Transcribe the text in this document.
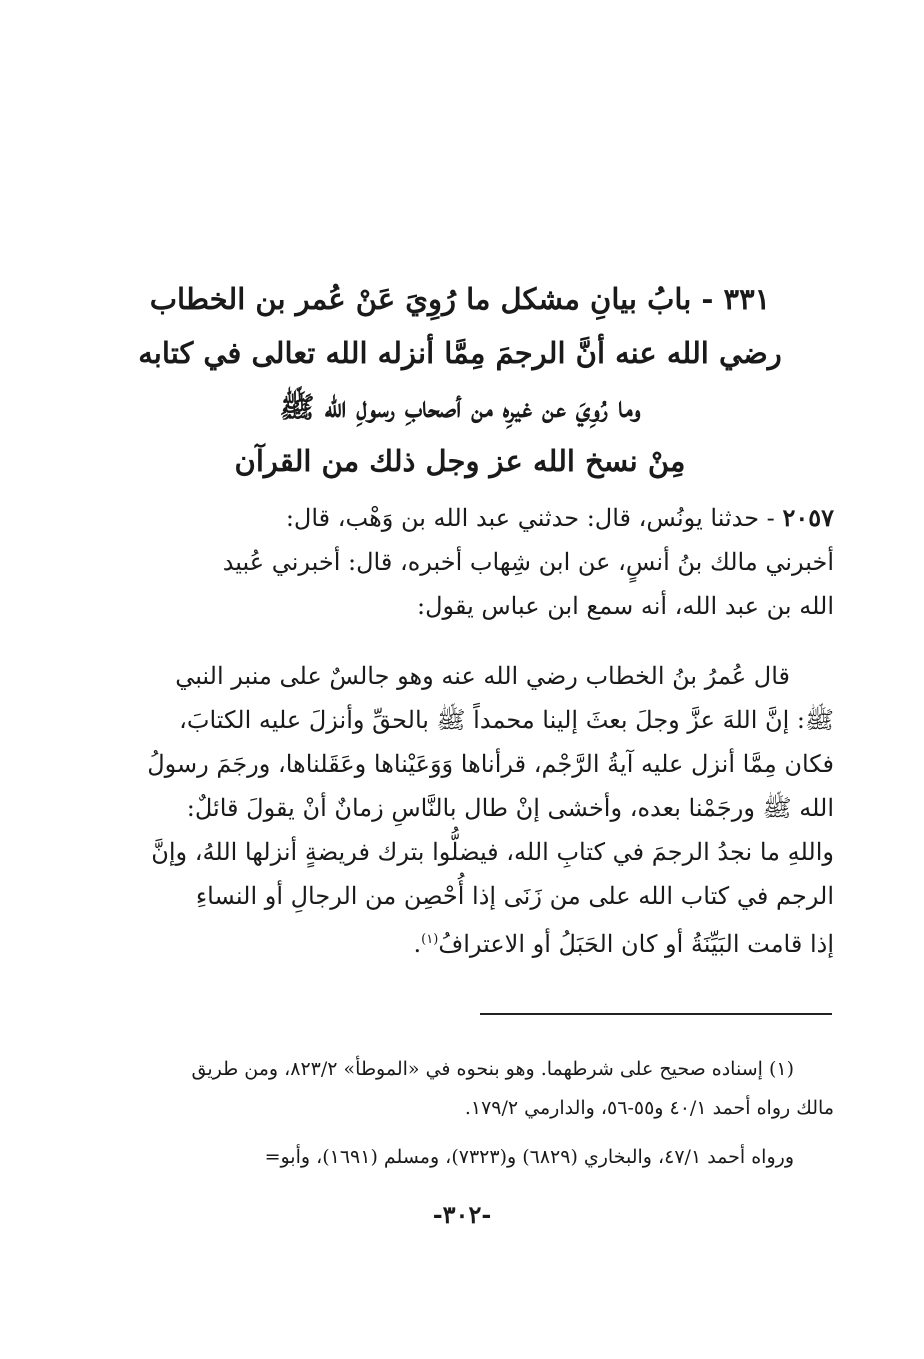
٣٣١ - بابُ بيانِ مشكل ما رُوِيَ عَنْ عُمر بن الخطاب
رضي الله عنه أنَّ الرجمَ مِمَّا أنزله الله تعالى في كتابه
وما رُوِيَ عن غيرِه من أصحابِ رسولِ الله ﷺ
مِنْ نسخ الله عز وجل ذلك من القرآن
٢٠٥٧ - حدثنا يونُس، قال: حدثني عبد الله بن وَهْب، قال:
أخبرني مالك بنُ أنسٍ، عن ابن شِهاب أخبره، قال: أخبرني عُبيد
الله بن عبد الله، أنه سمع ابن عباس يقول:
قال عُمرُ بنُ الخطاب رضي الله عنه وهو جالسٌ على منبر النبي
ﷺ: إنَّ اللهَ عزَّ وجلَ بعثَ إلينا محمداً ﷺ بالحقِّ وأنزلَ عليه الكتابَ،
فكان مِمَّا أنزل عليه آيةُ الرَّجْم، قرأناها وَوَعَيْناها وعَقَلناها، ورجَمَ رسولُ
الله ﷺ ورجَمْنا بعده، وأخشى إنْ طال بالنَّاسِ زمانٌ أنْ يقولَ قائلٌ:
واللهِ ما نجدُ الرجمَ في كتابِ الله، فيضلُّوا بترك فريضةٍ أنزلها اللهُ، وإنَّ
الرجم في كتاب الله على من زَنَى إذا أُحْصِن من الرجالِ أو النساءِ
إذا قامت البَيِّنَةُ أو كان الحَبَلُ أو الاعترافُ$^{(١)}$.
(١) إسناده صحيح على شرطهما. وهو بنحوه في «الموطأ» ٨٢٣/٢، ومن طريق
مالك رواه أحمد ٤٠/١ و٥٥-٥٦، والدارمي ١٧٩/٢.
ورواه أحمد ٤٧/١، والبخاري (٦٨٢٩) و(٧٣٢٣)، ومسلم (١٦٩١)، وأبو=
-٣٠٢-
